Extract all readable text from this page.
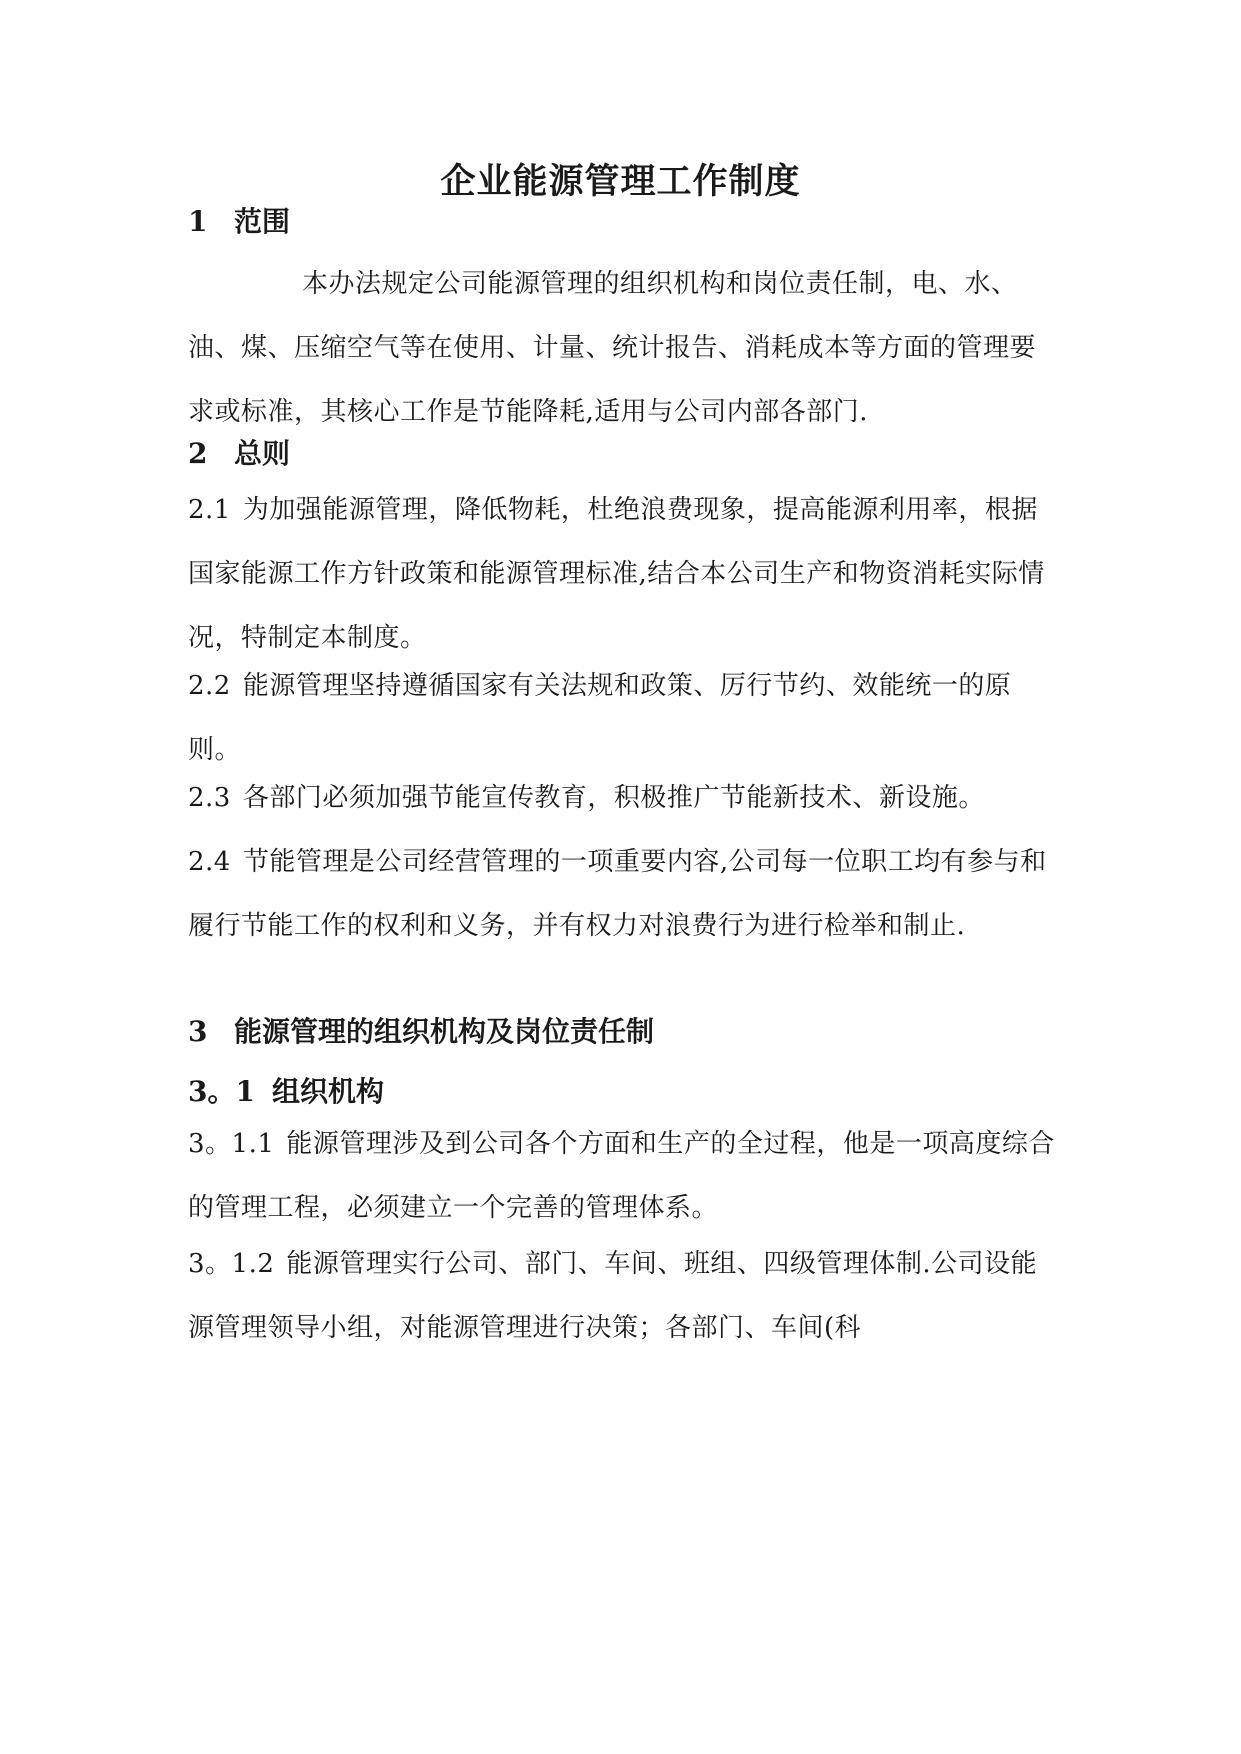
企业能源管理工作制度
1 范围

本办法规定公司能源管理的组织机构和岗位责任制，电、水、油、煤、压缩空气等在使用、计量、统计报告、消耗成本等方面的管理要求或标准，其核心工作是节能降耗,适用与公司内部各部门.

2 总则

2.1 为加强能源管理，降低物耗，杜绝浪费现象，提高能源利用率，根据国家能源工作方针政策和能源管理标准,结合本公司生产和物资消耗实际情况，特制定本制度。

2.2 能源管理坚持遵循国家有关法规和政策、厉行节约、效能统一的原则。

2.3 各部门必须加强节能宣传教育，积极推广节能新技术、新设施。

2.4 节能管理是公司经营管理的一项重要内容,公司每一位职工均有参与和履行节能工作的权利和义务，并有权力对浪费行为进行检举和制止.

3 能源管理的组织机构及岗位责任制
3。1 组织机构

3。1.1 能源管理涉及到公司各个方面和生产的全过程，他是一项高度综合的管理工程，必须建立一个完善的管理体系。

3。1.2 能源管理实行公司、部门、车间、班组、四级管理体制.公司设能源管理领导小组，对能源管理进行决策；各部门、车间(科
